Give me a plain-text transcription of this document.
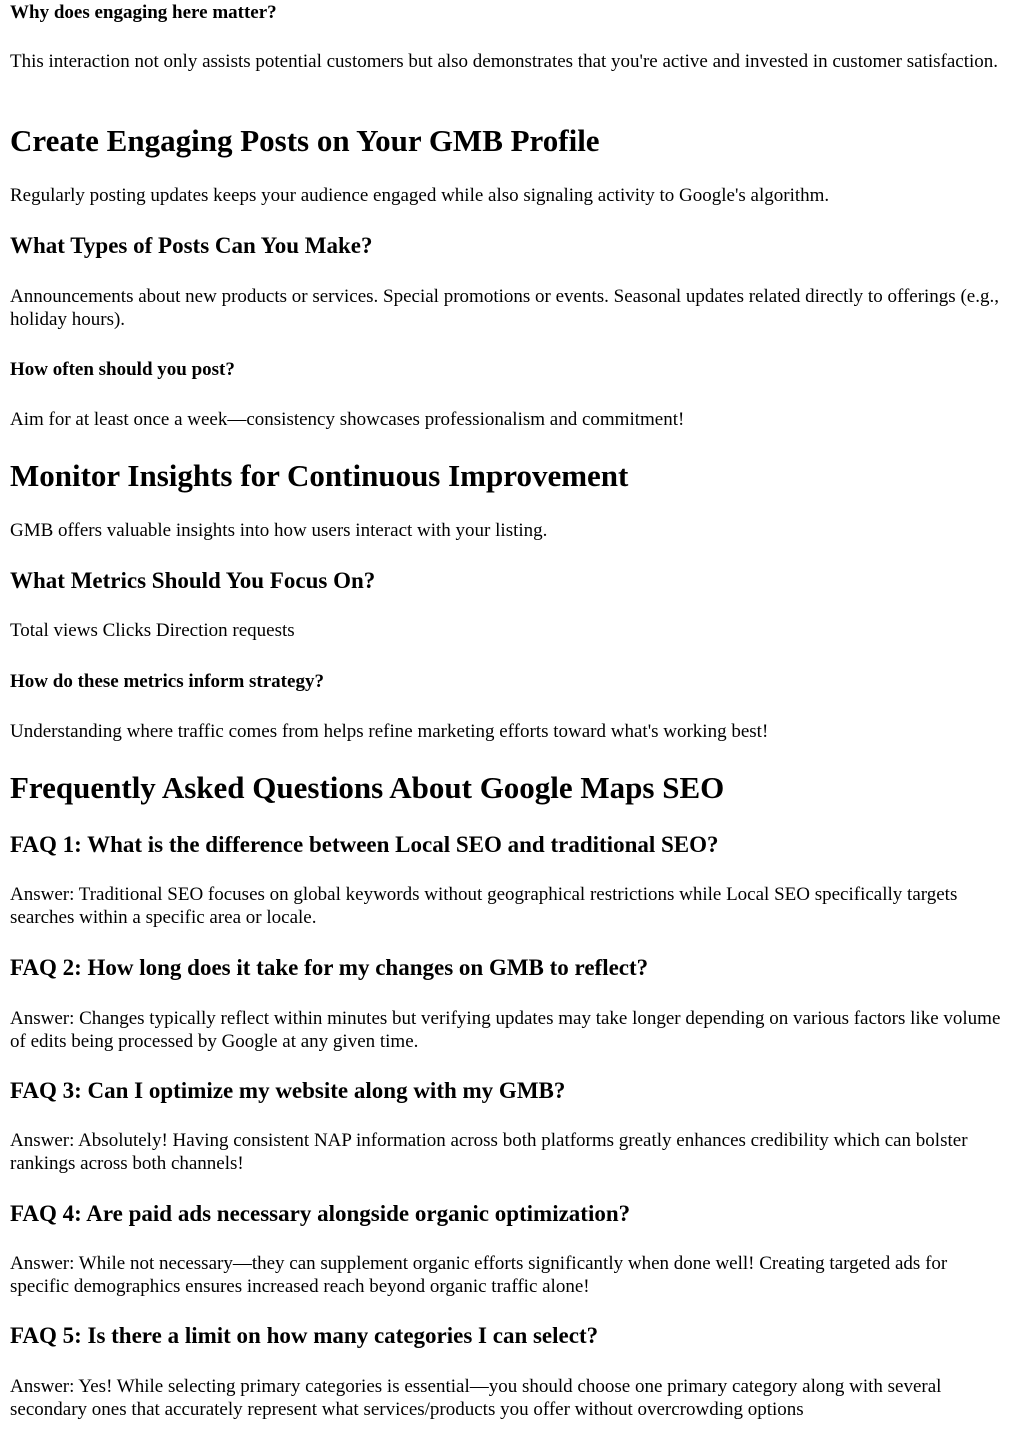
Why does engaging here matter?
This interaction not only assists potential customers but also demonstrates that you're active and invested in customer satisfaction.
Create Engaging Posts on Your GMB Profile
Regularly posting updates keeps your audience engaged while also signaling activity to Google's algorithm.
What Types of Posts Can You Make?
Announcements about new products or services. Special promotions or events. Seasonal updates related directly to offerings (e.g., holiday hours).
How often should you post?
Aim for at least once a week—consistency showcases professionalism and commitment!
Monitor Insights for Continuous Improvement
GMB offers valuable insights into how users interact with your listing.
What Metrics Should You Focus On?
Total views Clicks Direction requests
How do these metrics inform strategy?
Understanding where traffic comes from helps refine marketing efforts toward what's working best!
Frequently Asked Questions About Google Maps SEO
FAQ 1: What is the difference between Local SEO and traditional SEO?
Answer: Traditional SEO focuses on global keywords without geographical restrictions while Local SEO specifically targets searches within a specific area or locale.
FAQ 2: How long does it take for my changes on GMB to reflect?
Answer: Changes typically reflect within minutes but verifying updates may take longer depending on various factors like volume of edits being processed by Google at any given time.
FAQ 3: Can I optimize my website along with my GMB?
Answer: Absolutely! Having consistent NAP information across both platforms greatly enhances credibility which can bolster rankings across both channels!
FAQ 4: Are paid ads necessary alongside organic optimization?
Answer: While not necessary—they can supplement organic efforts significantly when done well! Creating targeted ads for specific demographics ensures increased reach beyond organic traffic alone!
FAQ 5: Is there a limit on how many categories I can select?
Answer: Yes! While selecting primary categories is essential—you should choose one primary category along with several secondary ones that accurately represent what services/products you offer without overcrowding options
